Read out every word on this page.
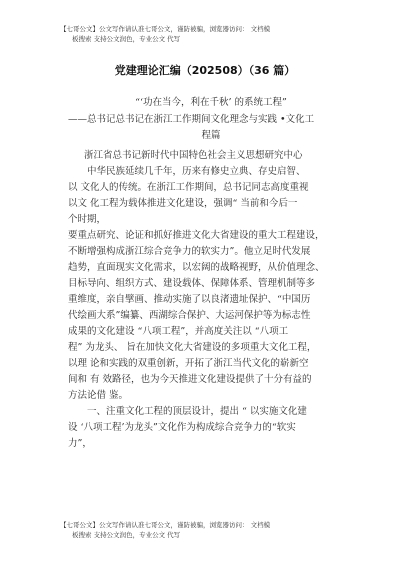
【七哥公文】公文写作请认准七哥公文，谨防被骗，浏览器访问： 文档模
板搜索 支持公文润色，专业公文 代写
党建理论汇编（202508）（36 篇）

“‘功在当今，利在千秋’ 的系统工程”

——总书记总书记在浙江工作期间文化理念与实践 •文化工

程篇

浙江省总书记新时代中国特色社会主义思想研究中心

中华民族延续几千年，历来有修史立典、存史启智、

以 文化人的传统。在浙江工作期间，总书记同志高度重视

以文 化工程为载体推进文化建设，强调“ 当前和今后一

个时期，

要重点研究、论证和抓好推进文化大省建设的重大工程建设，

不断增强构成浙江综合竞争力的软实力”。他立足时代发展

趋势，直面现实文化需求，以宏阔的战略视野，从价值理念、

目标导向、组织方式、建设载体、保障体系、管理机制等多

重维度，亲自擘画、推动实施了以良渚遗址保护、“中国历

代绘画大系”编纂、西湖综合保护、大运河保护等为标志性

成果的文化建设 “八项工程”，并高度关注以 “八项工

程” 为龙头、 旨在加快文化大省建设的多项重大文化工程，

以理 论和实践的双重创新，开拓了浙江当代文化的崭新空

间和 有 效路径，也为今天推进文化建设提供了十分有益的

方法论借 鉴。

一、注重文化工程的顶层设计，提出 “ 以实施文化建

设 ‘八项工程’为龙头”文化作为构成综合竞争力的“软实

力”，

【七哥公文】公文写作请认准七哥公文，谨防被骗，浏览器访问： 文档模
板搜索 支持公文润色，专业公文 代写
